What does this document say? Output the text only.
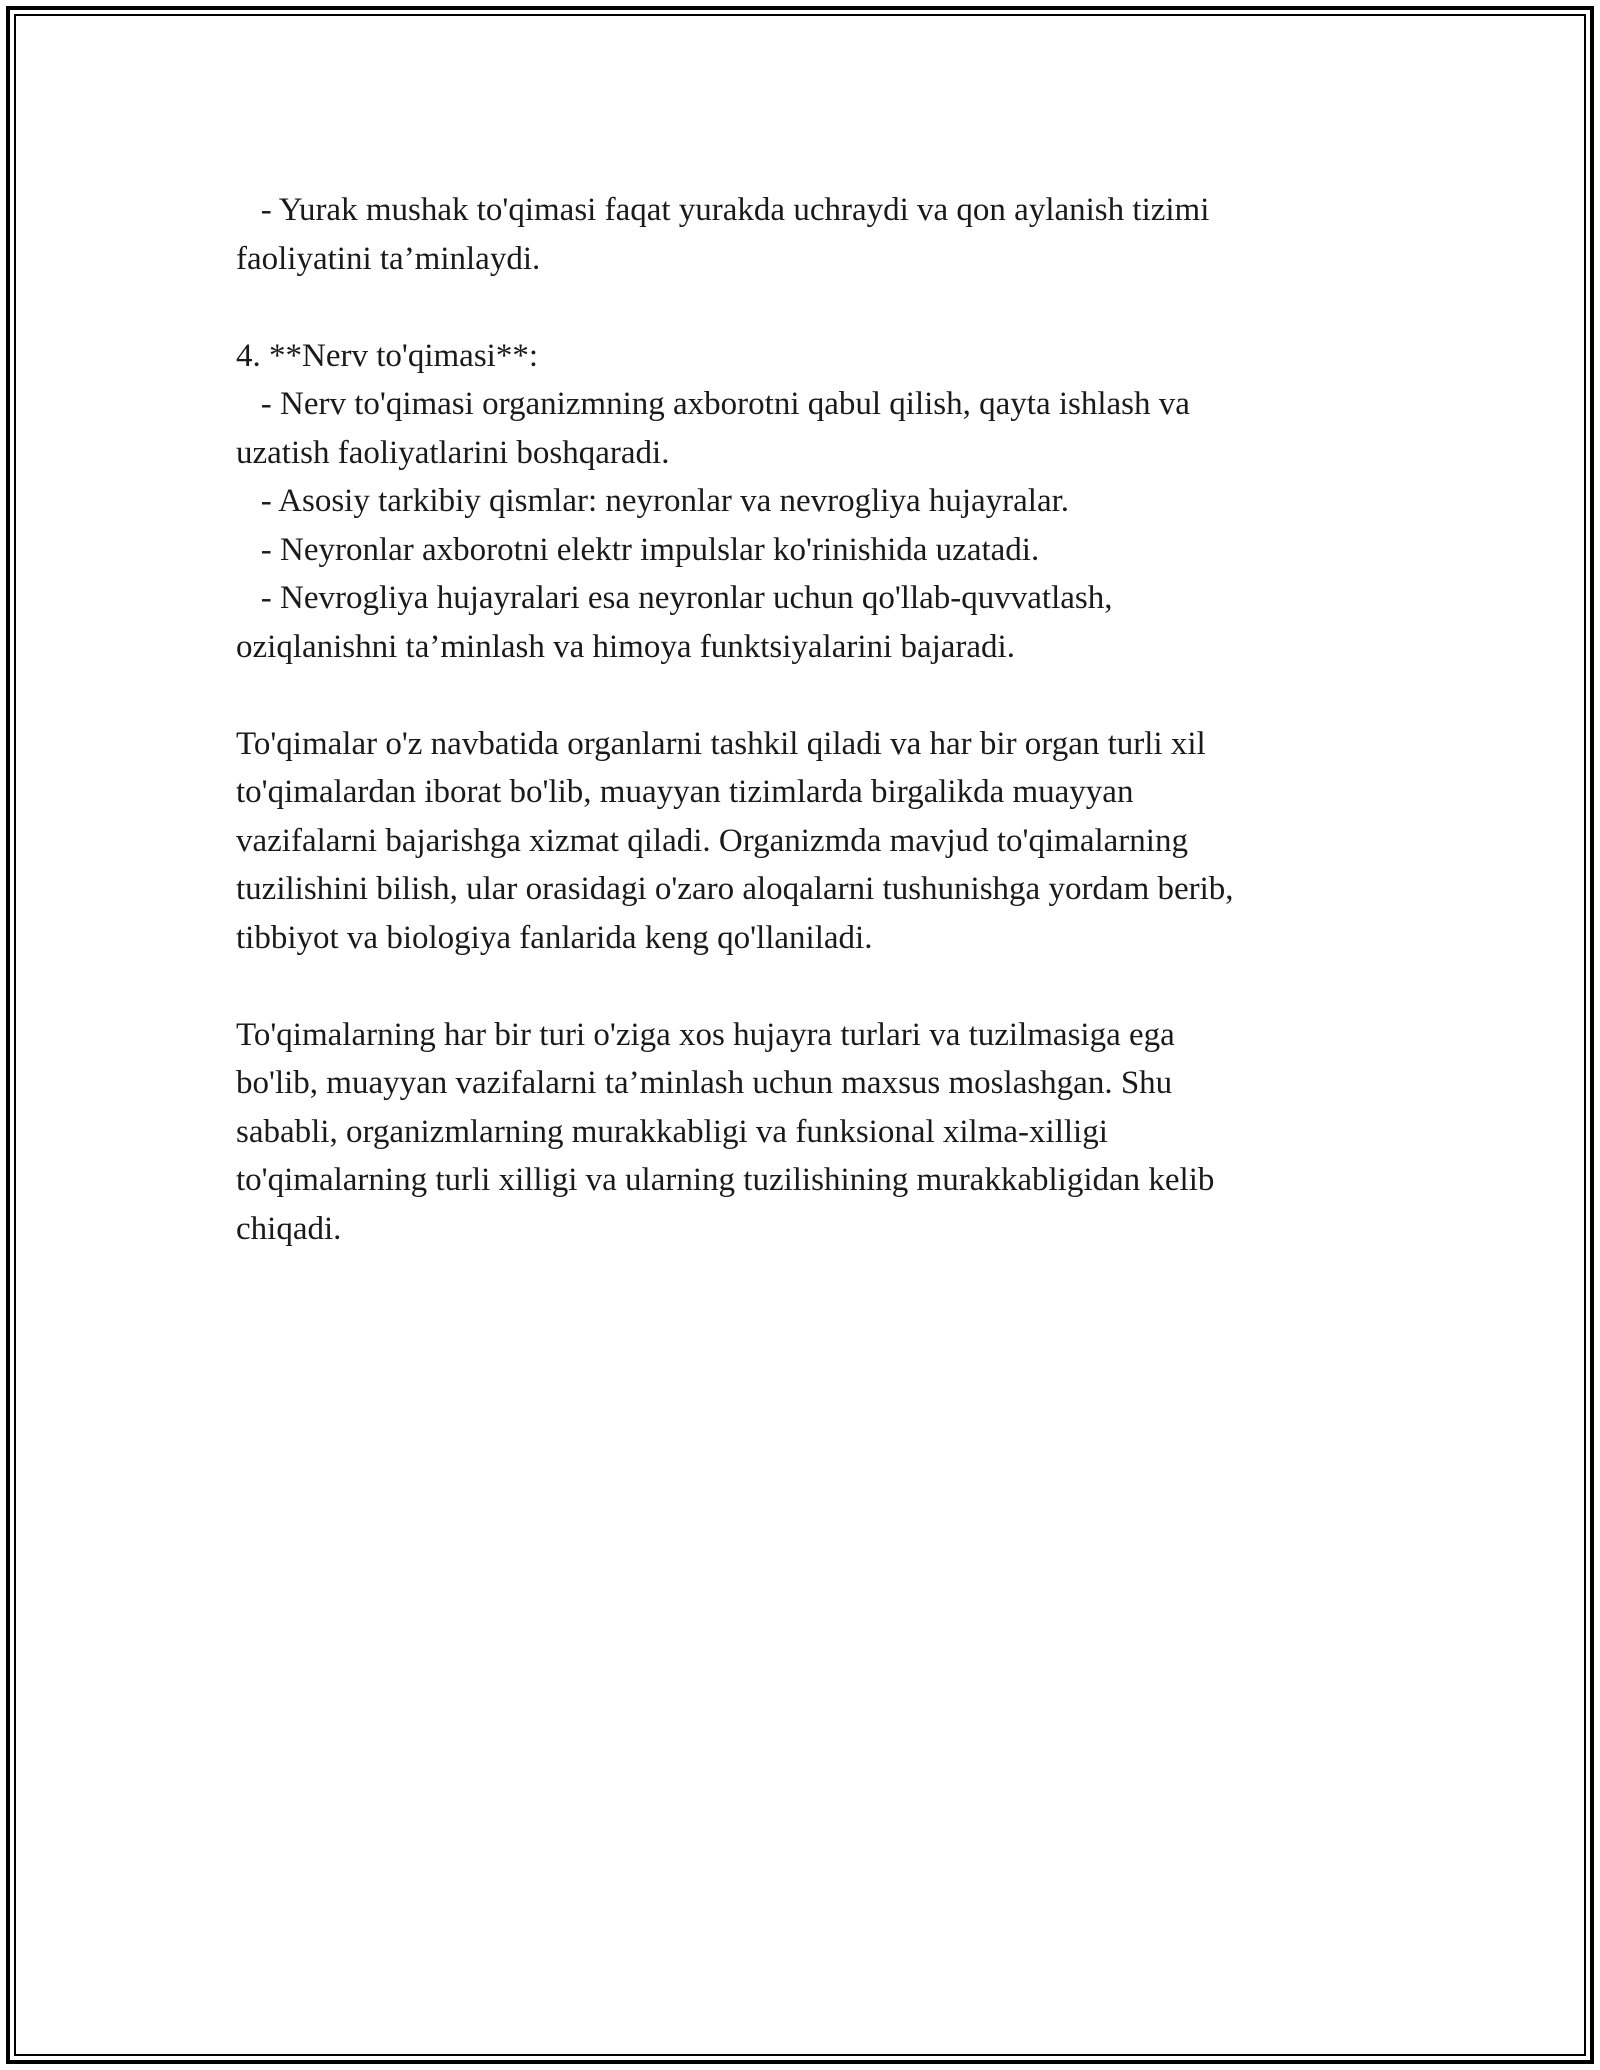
- Yurak mushak to'qimasi faqat yurakda uchraydi va qon aylanish tizimi
faoliyatini ta’minlaydi.
4. **Nerv to'qimasi**:
- Nerv to'qimasi organizmning axborotni qabul qilish, qayta ishlash va
uzatish faoliyatlarini boshqaradi.
- Asosiy tarkibiy qismlar: neyronlar va nevrogliya hujayralar.
- Neyronlar axborotni elektr impulslar ko'rinishida uzatadi.
- Nevrogliya hujayralari esa neyronlar uchun qo'llab-quvvatlash,
oziqlanishni ta’minlash va himoya funktsiyalarini bajaradi.
To'qimalar o'z navbatida organlarni tashkil qiladi va har bir organ turli xil
to'qimalardan iborat bo'lib, muayyan tizimlarda birgalikda muayyan
vazifalarni bajarishga xizmat qiladi. Organizmda mavjud to'qimalarning
tuzilishini bilish, ular orasidagi o'zaro aloqalarni tushunishga yordam berib,
tibbiyot va biologiya fanlarida keng qo'llaniladi.
To'qimalarning har bir turi o'ziga xos hujayra turlari va tuzilmasiga ega
bo'lib, muayyan vazifalarni ta’minlash uchun maxsus moslashgan. Shu
sababli, organizmlarning murakkabligi va funksional xilma-xilligi
to'qimalarning turli xilligi va ularning tuzilishining murakkabligidan kelib
chiqadi.
